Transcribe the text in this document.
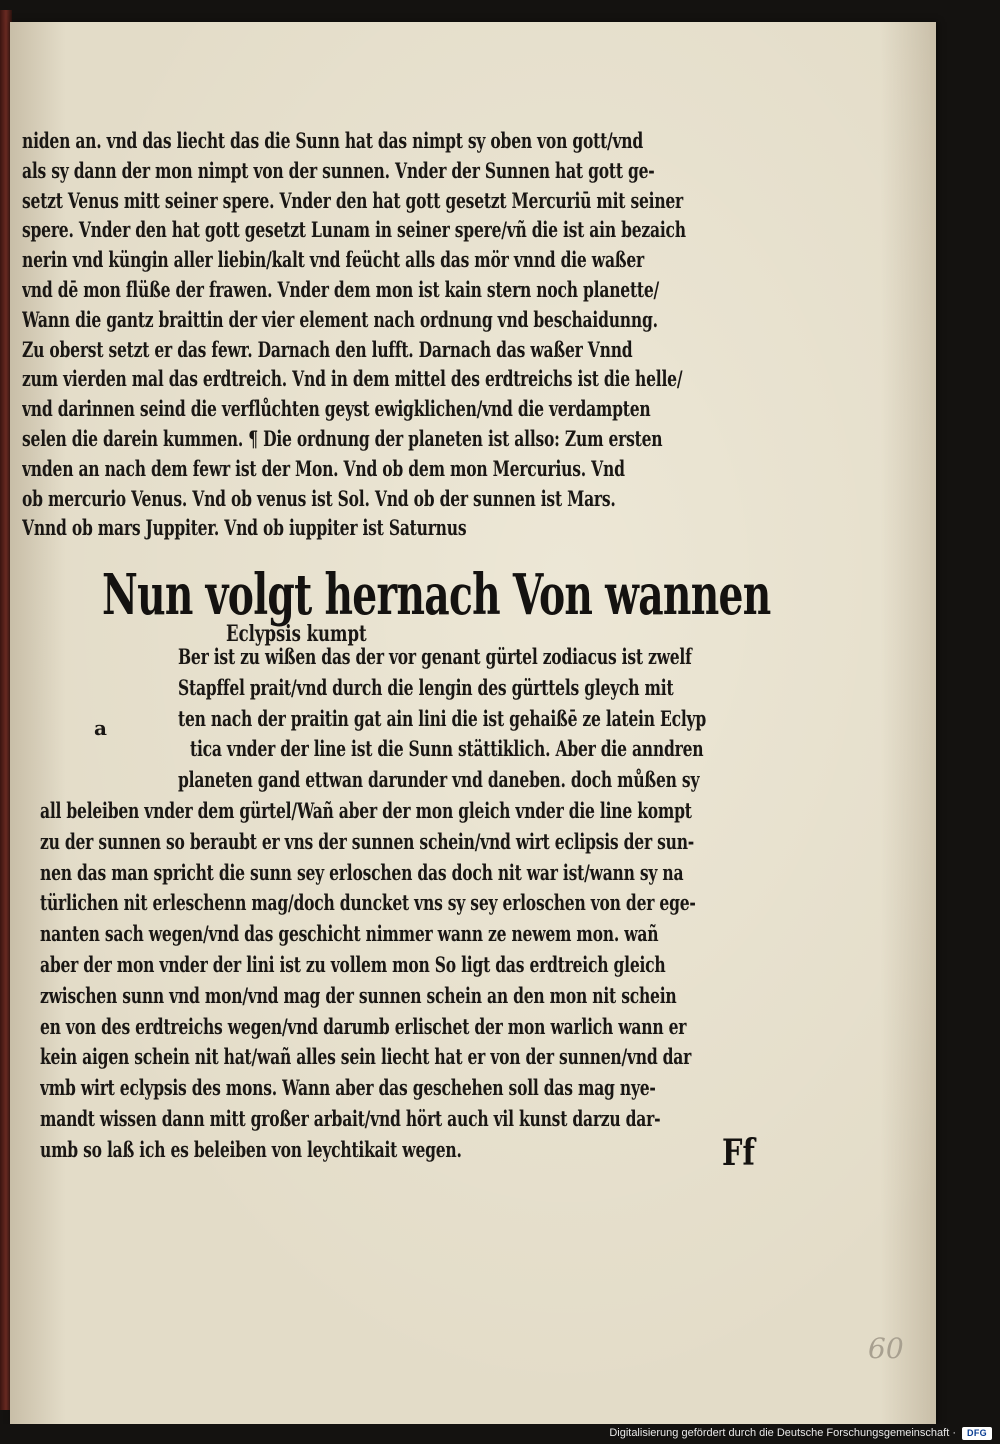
niden an. vnd das liecht das die Sunn hat das nimpt sy oben von gott/vnd
als sy dann der mon nimpt von der sunnen. Vnder der Sunnen hat gott ge-
setzt Venus mitt seiner spere. Vnder den hat gott gesetzt Mercuriū mit seiner
spere. Vnder den hat gott gesetzt Lunam in seiner spere/vñ die ist ain bezaich
nerin vnd küngin aller liebin/kalt vnd feücht alls das mör vnnd die waßer
vnd dē mon flüße der frawen. Vnder dem mon ist kain stern noch planette/
Wann die gantz braittin der vier element nach ordnung vnd beschaidunng.
Zu oberst setzt er das fewr. Darnach den lufft. Darnach das waßer Vnnd
zum vierden mal das erdtreich. Vnd in dem mittel des erdtreichs ist die helle/
vnd darinnen seind die verflůchten geyst ewigklichen/vnd die verdampten
selen die darein kummen. ¶ Die ordnung der planeten ist allso: Zum ersten
vnden an nach dem fewr ist der Mon. Vnd ob dem mon Mercurius. Vnd
ob mercurio Venus. Vnd ob venus ist Sol. Vnd ob der sunnen ist Mars.
Vnnd ob mars Juppiter. Vnd ob iuppiter ist Saturnus
Nun volgt hernach Von wannen
Eclypsis kumpt
a
Ber ist zu wißen das der vor genant gürtel zodiacus ist zwelf
Stapffel prait/vnd durch die lengin des gürttels gleych mit
ten nach der praitin gat ain lini die ist gehaißē ze latein Eclyp
tica vnder der line ist die Sunn stättiklich. Aber die anndren
planeten gand ettwan darunder vnd daneben. doch můßen sy
all beleiben vnder dem gürtel/Wañ aber der mon gleich vnder die line kompt
zu der sunnen so beraubt er vns der sunnen schein/vnd wirt eclipsis der sun-
nen das man spricht die sunn sey erloschen das doch nit war ist/wann sy na
türlichen nit erleschenn mag/doch duncket vns sy sey erloschen von der ege-
nanten sach wegen/vnd das geschicht nimmer wann ze newem mon. wañ
aber der mon vnder der lini ist zu vollem mon So ligt das erdtreich gleich
zwischen sunn vnd mon/vnd mag der sunnen schein an den mon nit schein
en von des erdtreichs wegen/vnd darumb erlischet der mon warlich wann er
kein aigen schein nit hat/wañ alles sein liecht hat er von der sunnen/vnd dar
vmb wirt eclypsis des mons. Wann aber das geschehen soll das mag nye-
mandt wissen dann mitt großer arbait/vnd hört auch vil kunst darzu dar-
umb so laß ich es beleiben von leychtikait wegen.	Ff
60
Digitalisierung gefördert durch die Deutsche Forschungsgemeinschaft ·	DFG
